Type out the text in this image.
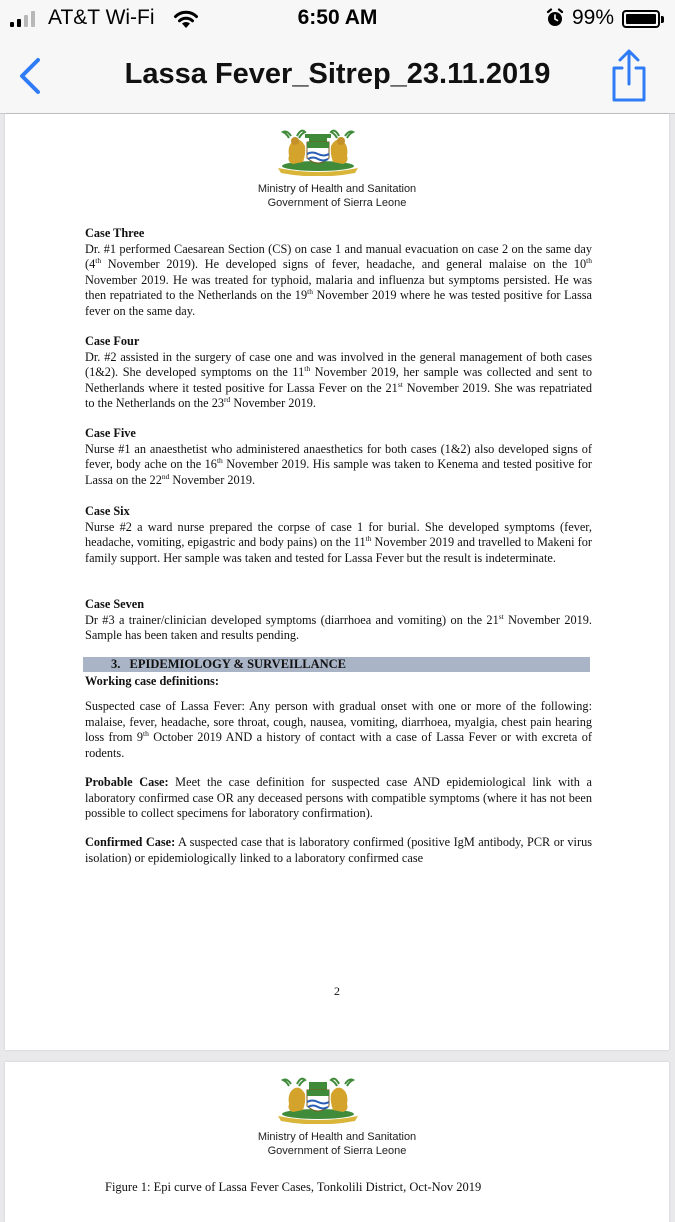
AT&T Wi-Fi	6:50 AM	99%
Lassa Fever_Sitrep_23.11.2019
Ministry of Health and Sanitation
Government of Sierra Leone
Case Three

Dr. #1 performed Caesarean Section (CS) on case 1 and manual evacuation on case 2 on the same day (4th November 2019). He developed signs of fever, headache, and general malaise on the 10th November 2019. He was treated for typhoid, malaria and influenza but symptoms persisted. He was then repatriated to the Netherlands on the 19th November 2019 where he was tested positive for Lassa fever on the same day.

Case Four

Dr. #2 assisted in the surgery of case one and was involved in the general management of both cases (1&2). She developed symptoms on the 11th November 2019, her sample was collected and sent to Netherlands where it tested positive for Lassa Fever on the 21st November 2019. She was repatriated to the Netherlands on the 23rd November 2019.

Case Five

Nurse #1 an anaesthetist who administered anaesthetics for both cases (1&2) also developed signs of fever, body ache on the 16th November 2019. His sample was taken to Kenema and tested positive for Lassa on the 22nd November 2019.

Case Six

Nurse #2 a ward nurse prepared the corpse of case 1 for burial. She developed symptoms (fever, headache, vomiting, epigastric and body pains) on the 11th November 2019 and travelled to Makeni for family support. Her sample was taken and tested for Lassa Fever but the result is indeterminate.

Case Seven

Dr #3 a trainer/clinician developed symptoms (diarrhoea and vomiting) on the 21st November 2019. Sample has been taken and results pending.

3. EPIDEMIOLOGY & SURVEILLANCE
Working case definitions:

Suspected case of Lassa Fever: Any person with gradual onset with one or more of the following: malaise, fever, headache, sore throat, cough, nausea, vomiting, diarrhoea, myalgia, chest pain hearing loss from 9th October 2019 AND a history of contact with a case of Lassa Fever or with excreta of rodents.

Probable Case: Meet the case definition for suspected case AND epidemiological link with a laboratory confirmed case OR any deceased persons with compatible symptoms (where it has not been possible to collect specimens for laboratory confirmation).

Confirmed Case: A suspected case that is laboratory confirmed (positive IgM antibody, PCR or virus isolation) or epidemiologically linked to a laboratory confirmed case

2
Ministry of Health and Sanitation
Government of Sierra Leone
Figure 1: Epi curve of Lassa Fever Cases, Tonkolili District, Oct-Nov 2019
